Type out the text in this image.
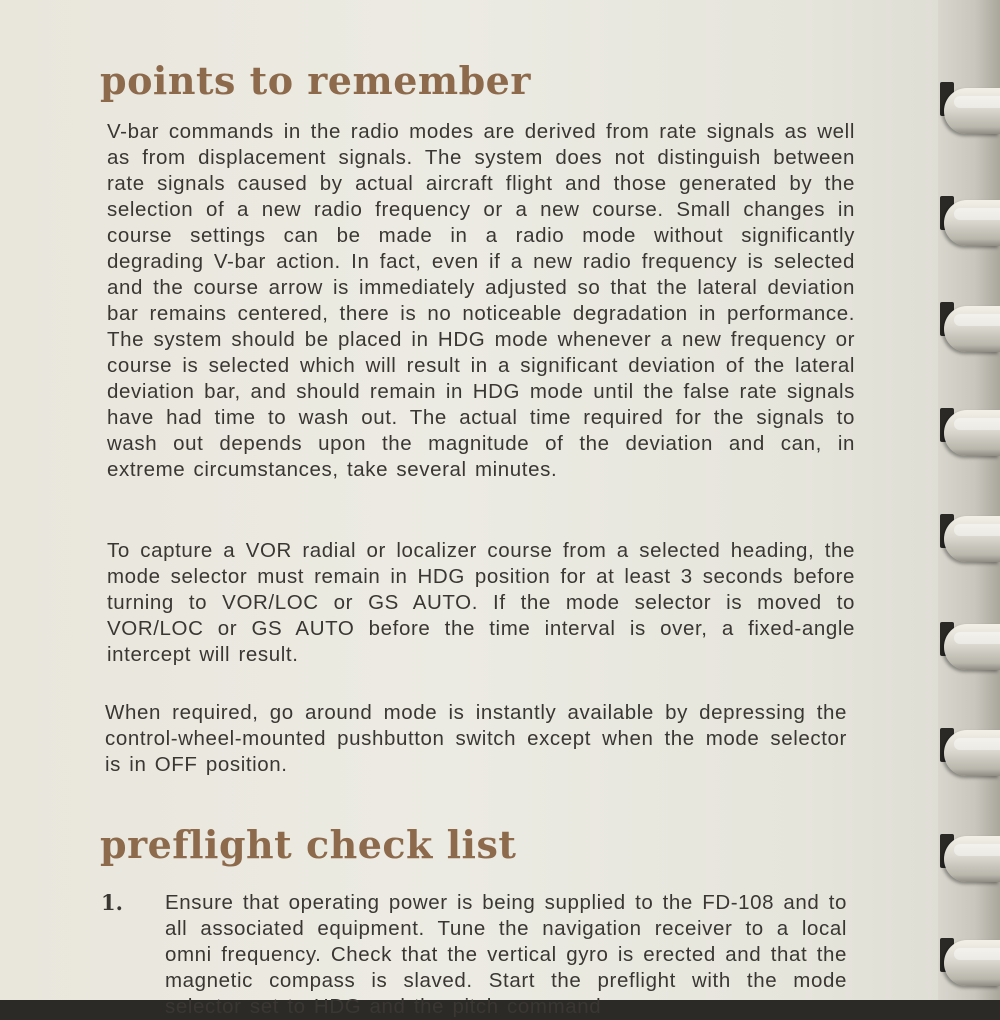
points to remember

V-bar commands in the radio modes are derived from rate signals as well as from displacement signals. The system does not distinguish between rate signals caused by actual aircraft flight and those generated by the selection of a new radio frequency or a new course. Small changes in course settings can be made in a radio mode without significantly degrading V-bar action. In fact, even if a new radio frequency is selected and the course arrow is immediately adjusted so that the lateral deviation bar remains centered, there is no noticeable degradation in performance. The system should be placed in HDG mode whenever a new frequency or course is selected which will result in a significant deviation of the lateral deviation bar, and should remain in HDG mode until the false rate signals have had time to wash out. The actual time required for the signals to wash out depends upon the magnitude of the deviation and can, in extreme circumstances, take several minutes.

To capture a VOR radial or localizer course from a selected heading, the mode selector must remain in HDG position for at least 3 seconds before turning to VOR/LOC or GS AUTO. If the mode selector is moved to VOR/LOC or GS AUTO before the time interval is over, a fixed-angle intercept will result.

When required, go around mode is instantly available by depressing the control-wheel-mounted pushbutton switch except when the mode selector is in OFF position.

preflight check list
1. Ensure that operating power is being supplied to the FD-108 and to all associated equipment. Tune the navigation receiver to a local omni frequency. Check that the vertical gyro is erected and that the magnetic compass is slaved. Start the preflight with the mode selector set to HDG and the pitch command
